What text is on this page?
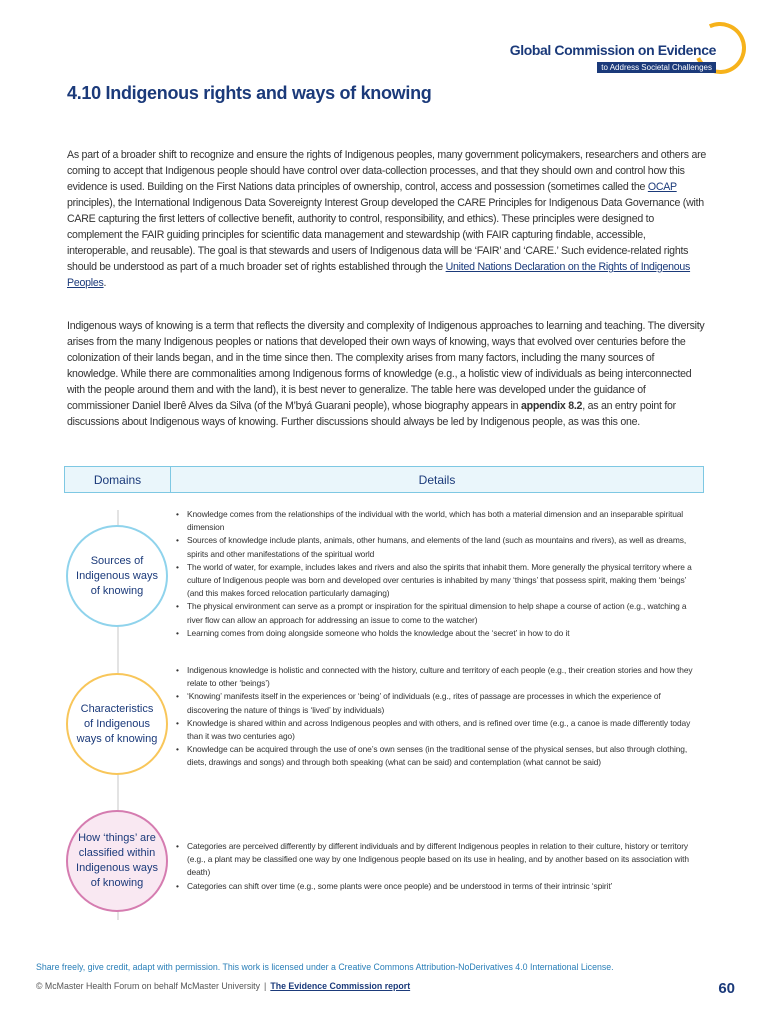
Global Commission on Evidence
to Address Societal Challenges
4.10 Indigenous rights and ways of knowing

As part of a broader shift to recognize and ensure the rights of Indigenous peoples, many government policymakers, researchers and others are coming to accept that Indigenous people should have control over data-collection processes, and that they should own and control how this evidence is used. Building on the First Nations data principles of ownership, control, access and possession (sometimes called the OCAP principles), the International Indigenous Data Sovereignty Interest Group developed the CARE Principles for Indigenous Data Governance (with CARE capturing the first letters of collective benefit, authority to control, responsibility, and ethics). These principles were designed to complement the FAIR guiding principles for scientific data management and stewardship (with FAIR capturing findable, accessible, interoperable, and reusable). The goal is that stewards and users of Indigenous data will be ‘FAIR’ and ‘CARE.’ Such evidence-related rights should be understood as part of a much broader set of rights established through the United Nations Declaration on the Rights of Indigenous Peoples.

Indigenous ways of knowing is a term that reflects the diversity and complexity of Indigenous approaches to learning and teaching. The diversity arises from the many Indigenous peoples or nations that developed their own ways of knowing, ways that evolved over centuries before the colonization of their lands began, and in the time since then. The complexity arises from many factors, including the many sources of knowledge. While there are commonalities among Indigenous forms of knowledge (e.g., a holistic view of individuals as being interconnected with the people around them and with the land), it is best never to generalize. The table here was developed under the guidance of commissioner Daniel Iberê Alves da Silva (of the M’byá Guarani people), whose biography appears in appendix 8.2, as an entry point for discussions about Indigenous ways of knowing. Further discussions should always be led by Indigenous people, as was this one.

Domains	Details
Sources of Indigenous ways of knowing
• Knowledge comes from the relationships of the individual with the world, which has both a material dimension and an inseparable spiritual dimension
• Sources of knowledge include plants, animals, other humans, and elements of the land (such as mountains and rivers), as well as dreams, spirits and other manifestations of the spiritual world
• The world of water, for example, includes lakes and rivers and also the spirits that inhabit them. More generally the physical territory where a culture of Indigenous people was born and developed over centuries is inhabited by many ‘things’ that possess spirit, making them ‘beings’ (and this makes forced relocation particularly damaging)
• The physical environment can serve as a prompt or inspiration for the spiritual dimension to help shape a course of action (e.g., watching a river flow can allow an approach for addressing an issue to come to the watcher)
• Learning comes from doing alongside someone who holds the knowledge about the ‘secret’ in how to do it
Characteristics of Indigenous ways of knowing
• Indigenous knowledge is holistic and connected with the history, culture and territory of each people (e.g., their creation stories and how they relate to other ‘beings’)
• ‘Knowing’ manifests itself in the experiences or ‘being’ of individuals (e.g., rites of passage are processes in which the experience of discovering the nature of things is ‘lived’ by individuals)
• Knowledge is shared within and across Indigenous peoples and with others, and is refined over time (e.g., a canoe is made differently today than it was two centuries ago)
• Knowledge can be acquired through the use of one’s own senses (in the traditional sense of the physical senses, but also through clothing, diets, drawings and songs) and through both speaking (what can be said) and contemplation (what cannot be said)
How ‘things’ are classified within Indigenous ways of knowing
• Categories are perceived differently by different individuals and by different Indigenous peoples in relation to their culture, history or territory (e.g., a plant may be classified one way by one Indigenous people based on its use in healing, and by another based on its association with death)
• Categories can shift over time (e.g., some plants were once people) and be understood in terms of their intrinsic ‘spirit’
Share freely, give credit, adapt with permission. This work is licensed under a Creative Commons Attribution-NoDerivatives 4.0 International License.
© McMaster Health Forum on behalf McMaster University | The Evidence Commission report	60
